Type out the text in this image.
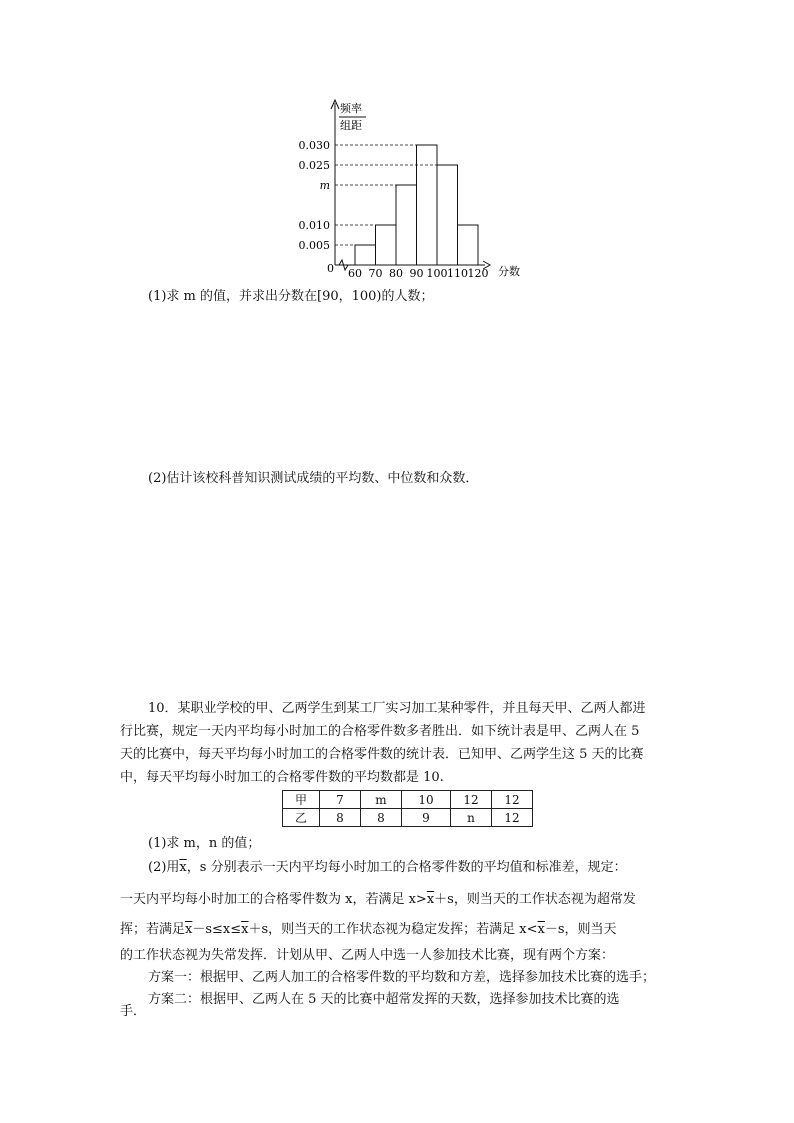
0.030
0.025
m
0.010
0.005
60 70 80 90 100 110 120
频率
组距
分数
0
(1)求 m 的值，并求出分数在[90，100)的人数；
(2)估计该校科普知识测试成绩的平均数、中位数和众数．
10．某职业学校的甲、乙两学生到某工厂实习加工某种零件，并且每天甲、乙两人都进
行比赛，规定一天内平均每小时加工的合格零件数多者胜出．如下统计表是甲、乙两人在 5
天的比赛中，每天平均每小时加工的合格零件数的统计表．已知甲、乙两学生这 5 天的比赛
中，每天平均每小时加工的合格零件数的平均数都是 10.
甲	7	m	10	12	12
乙	8	8	9	n	12
(1)求 m，n 的值；
(2)用$\overline{x}$，s 分别表示一天内平均每小时加工的合格零件数的平均值和标准差，规定：
一天内平均每小时加工的合格零件数为 x，若满足 $x>\overline{x}+s$，则当天的工作状态视为超常发
挥；若满足$\overline{x}-s\le x\le\overline{x}+s$，则当天的工作状态视为稳定发挥；若满足 $x<\overline{x}-s$，则当天
的工作状态视为失常发挥．计划从甲、乙两人中选一人参加技术比赛，现有两个方案：
方案一：根据甲、乙两人加工的合格零件数的平均数和方差，选择参加技术比赛的选手；
方案二：根据甲、乙两人在 5 天的比赛中超常发挥的天数，选择参加技术比赛的选
手．
